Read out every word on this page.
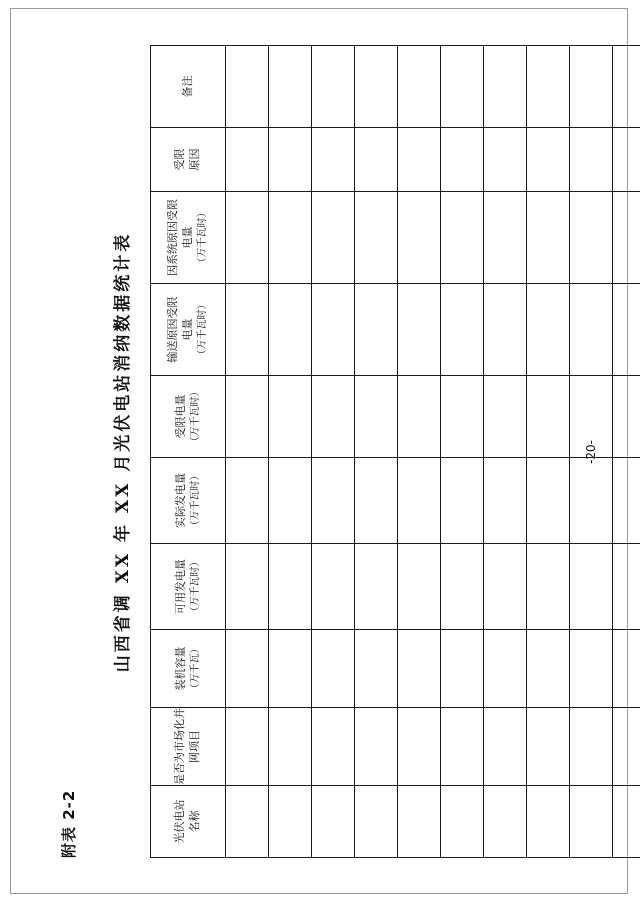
附表 2-2
山西省调 XX 年 XX 月光伏电站消纳数据统计表
光伏电站 名称	是否为市场化并 网项目	装机容量 （万千瓦）	可用发电量 （万千瓦时）	实际发电量 （万千瓦时）	受限电量 （万千瓦时）	输送原因受限 电量 （万千瓦时）	因系统原因受限 电量 （万千瓦时）	受限 原因	备注

-20-
